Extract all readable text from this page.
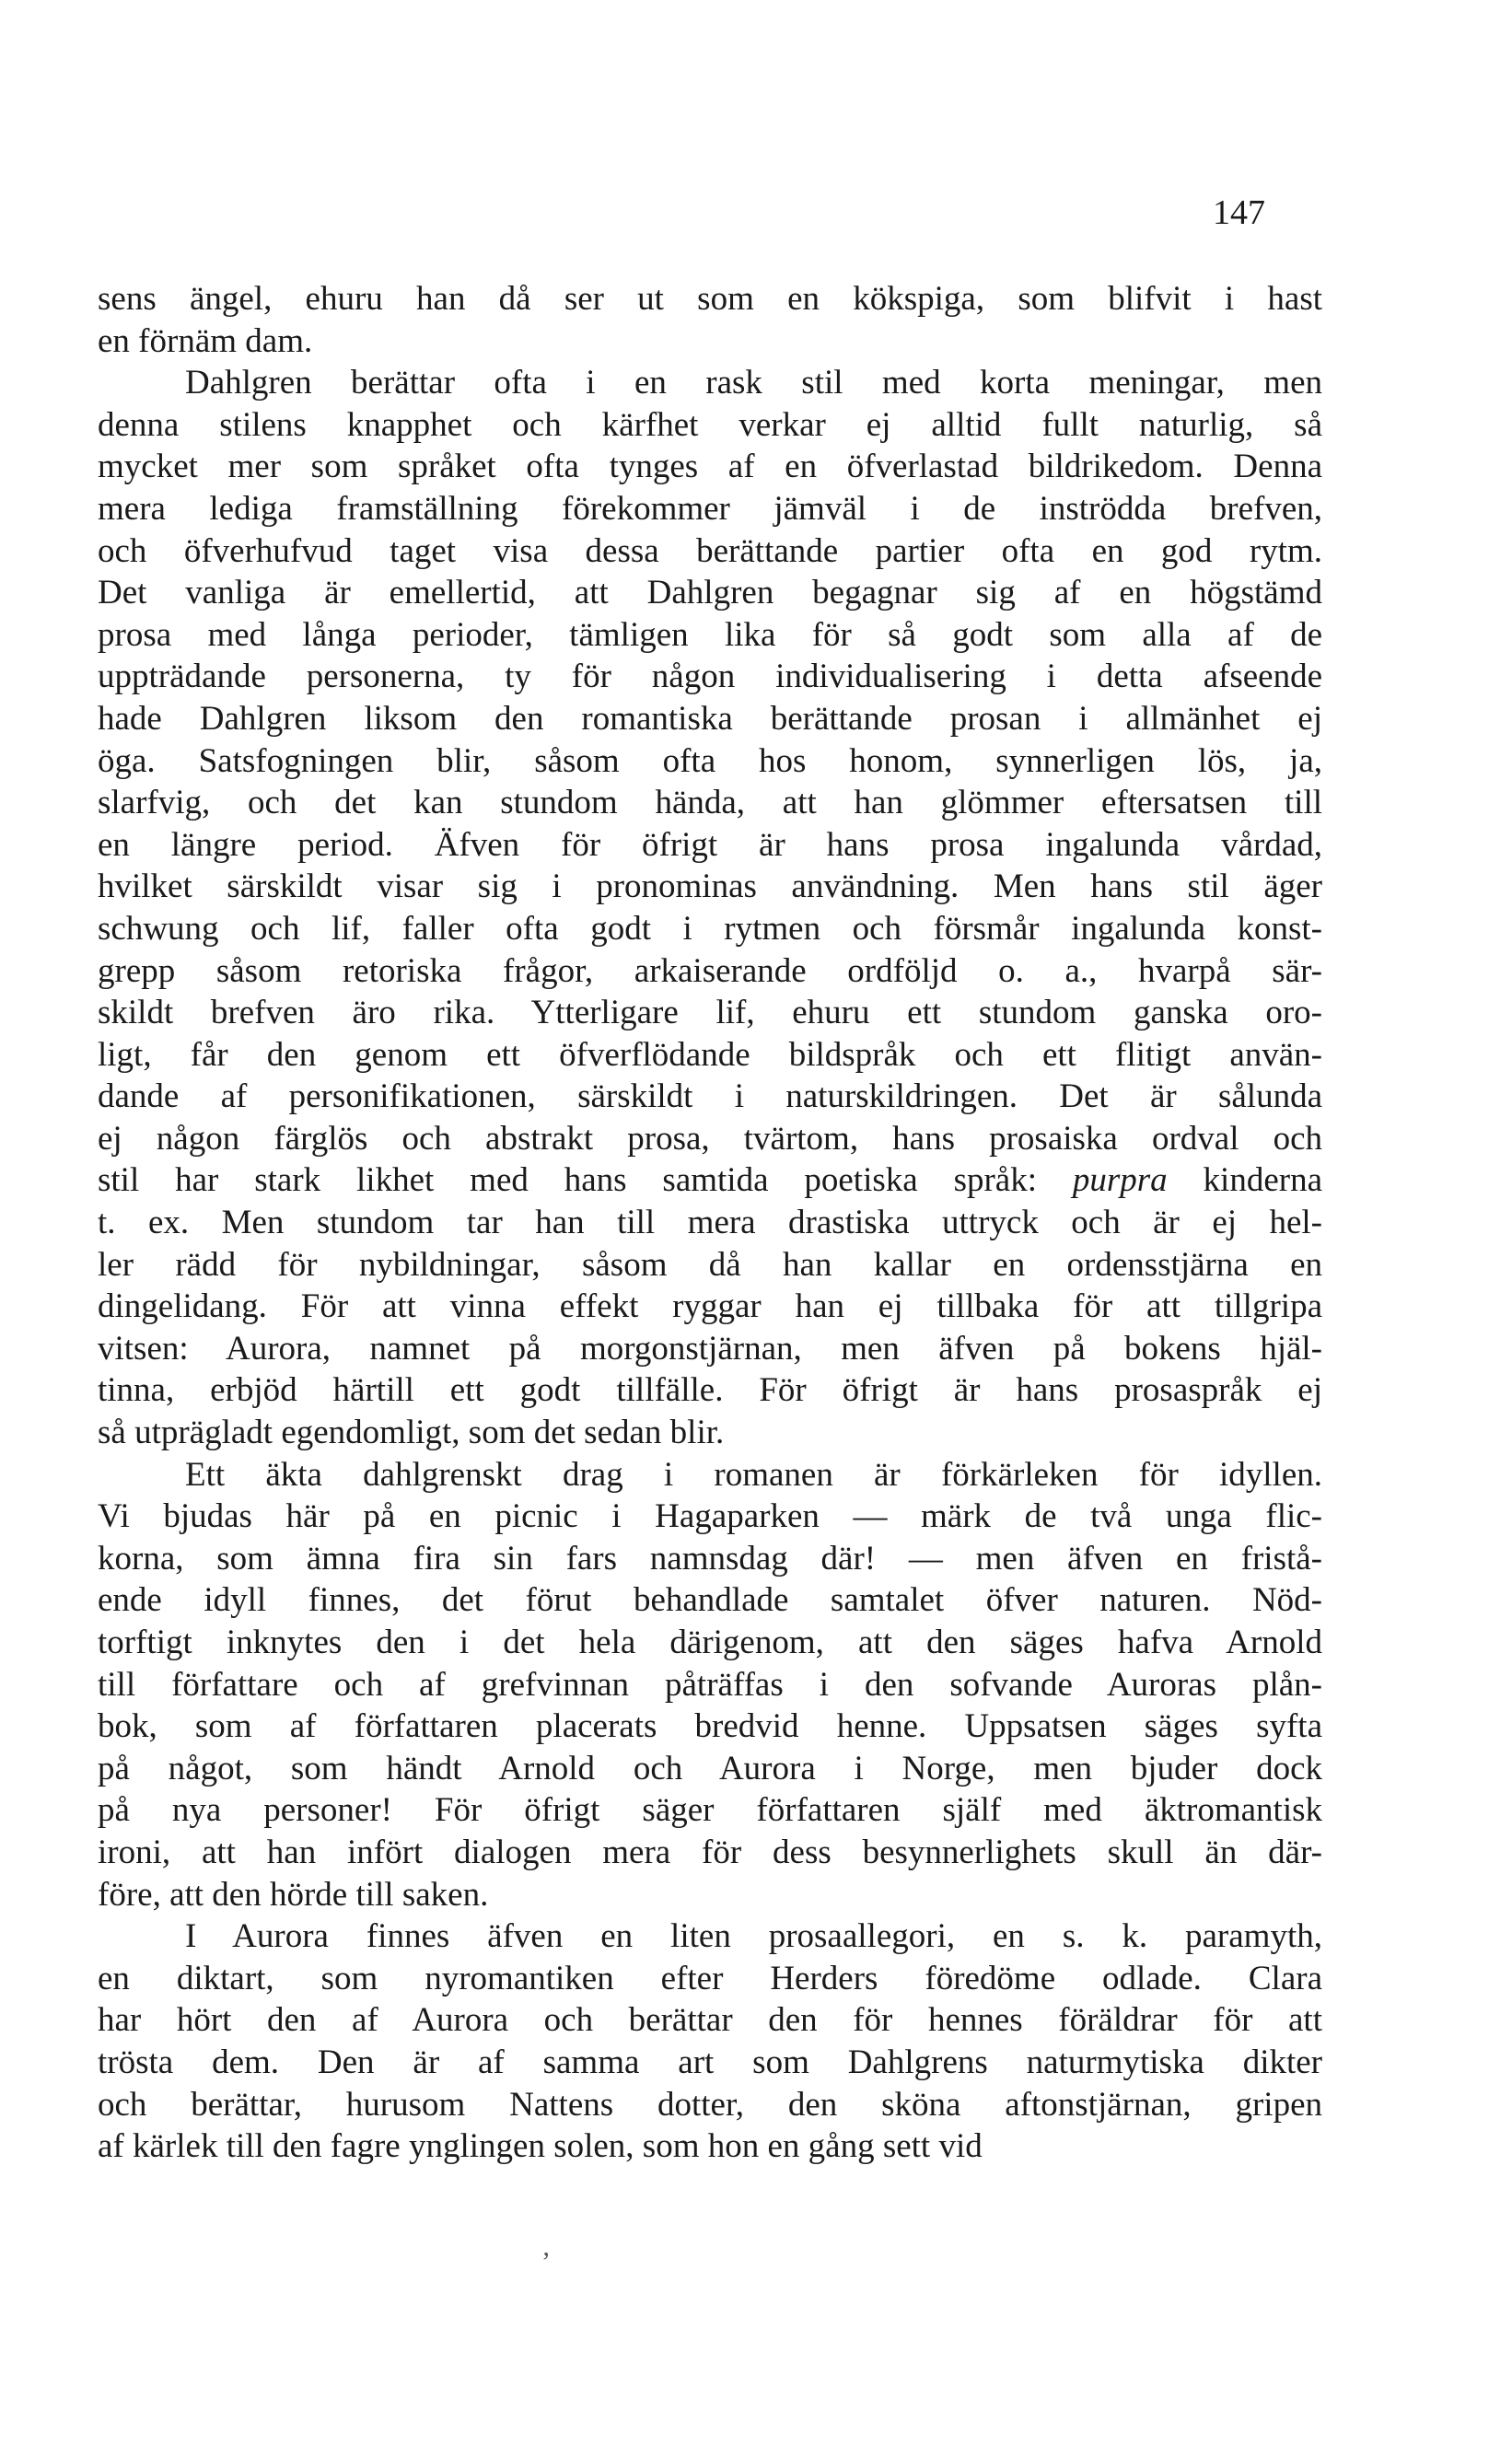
147
sens ängel, ehuru han då ser ut som en kökspiga, som blifvit i hast
en förnäm dam.
Dahlgren berättar ofta i en rask stil med korta meningar, men
denna stilens knapphet och kärfhet verkar ej alltid fullt naturlig, så
mycket mer som språket ofta tynges af en öfverlastad bildrikedom. Denna
mera lediga framställning förekommer jämväl i de inströdda brefven,
och öfverhufvud taget visa dessa berättande partier ofta en god rytm.
Det vanliga är emellertid, att Dahlgren begagnar sig af en högstämd
prosa med långa perioder, tämligen lika för så godt som alla af de
uppträdande personerna, ty för någon individualisering i detta afseende
hade Dahlgren liksom den romantiska berättande prosan i allmänhet ej
öga. Satsfogningen blir, såsom ofta hos honom, synnerligen lös, ja,
slarfvig, och det kan stundom hända, att han glömmer eftersatsen till
en längre period. Äfven för öfrigt är hans prosa ingalunda vårdad,
hvilket särskildt visar sig i pronominas användning. Men hans stil äger
schwung och lif, faller ofta godt i rytmen och försmår ingalunda konst-
grepp såsom retoriska frågor, arkaiserande ordföljd o. a., hvarpå sär-
skildt brefven äro rika. Ytterligare lif, ehuru ett stundom ganska oro-
ligt, får den genom ett öfverflödande bildspråk och ett flitigt använ-
dande af personifikationen, särskildt i naturskildringen. Det är sålunda
ej någon färglös och abstrakt prosa, tvärtom, hans prosaiska ordval och
stil har stark likhet med hans samtida poetiska språk: purpra kinderna
t. ex. Men stundom tar han till mera drastiska uttryck och är ej hel-
ler rädd för nybildningar, såsom då han kallar en ordensstjärna en
dingelidang. För att vinna effekt ryggar han ej tillbaka för att tillgripa
vitsen: Aurora, namnet på morgonstjärnan, men äfven på bokens hjäl-
tinna, erbjöd härtill ett godt tillfälle. För öfrigt är hans prosaspråk ej
så utprägladt egendomligt, som det sedan blir.
Ett äkta dahlgrenskt drag i romanen är förkärleken för idyllen.
Vi bjudas här på en picnic i Hagaparken — märk de två unga flic-
korna, som ämna fira sin fars namnsdag där! — men äfven en fristå-
ende idyll finnes, det förut behandlade samtalet öfver naturen. Nöd-
torftigt inknytes den i det hela därigenom, att den säges hafva Arnold
till författare och af grefvinnan påträffas i den sofvande Auroras plån-
bok, som af författaren placerats bredvid henne. Uppsatsen säges syfta
på något, som händt Arnold och Aurora i Norge, men bjuder dock
på nya personer! För öfrigt säger författaren själf med äktromantisk
ironi, att han infört dialogen mera för dess besynnerlighets skull än där-
före, att den hörde till saken.
I Aurora finnes äfven en liten prosaallegori, en s. k. paramyth,
en diktart, som nyromantiken efter Herders föredöme odlade. Clara
har hört den af Aurora och berättar den för hennes föräldrar för att
trösta dem. Den är af samma art som Dahlgrens naturmytiska dikter
och berättar, hurusom Nattens dotter, den sköna aftonstjärnan, gripen
af kärlek till den fagre ynglingen solen, som hon en gång sett vid
ʼ
